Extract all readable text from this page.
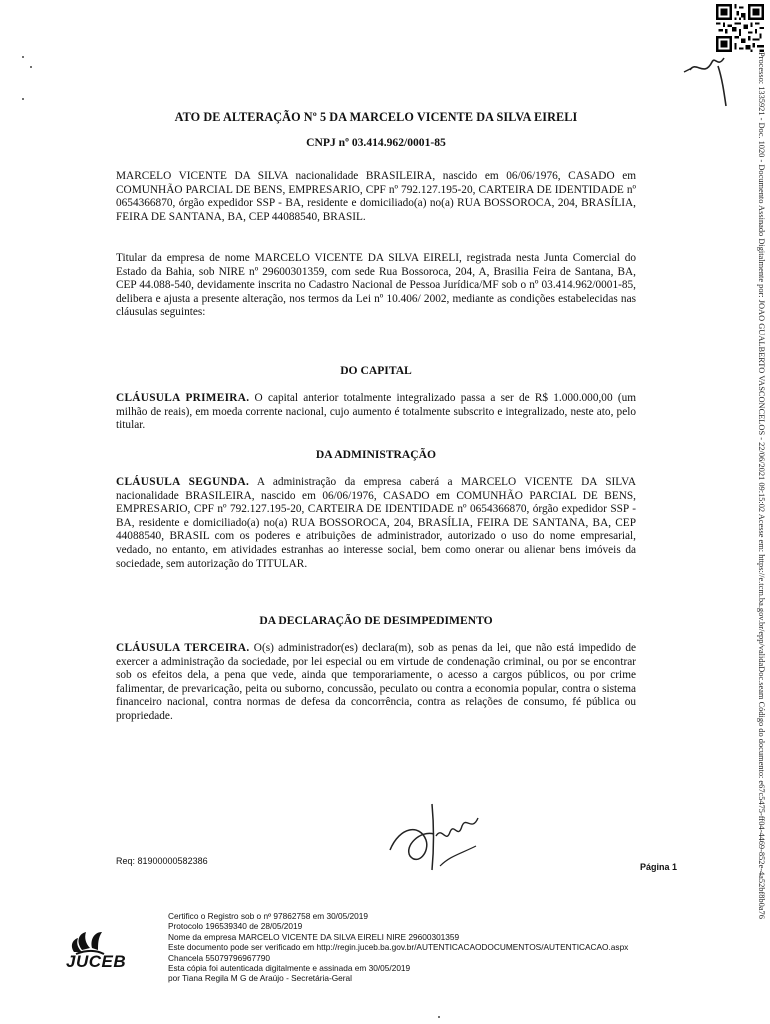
Processo: 1335921 - Doc. 1020 - Documento Assinado Digitalmente por: JOAO GUALBERTO VASCONCELOS - 22/06/2021 09:15:02 Acesse em: https://e.tcm.ba.gov.br/epp/validaDoc.seam Código do documento: e67c5475-ff04-4469-852e-4a52bf8b0a76
ATO DE ALTERAÇÃO Nº 5 DA MARCELO VICENTE DA SILVA EIRELI
CNPJ nº 03.414.962/0001-85
MARCELO VICENTE DA SILVA nacionalidade BRASILEIRA, nascido em 06/06/1976, CASADO em COMUNHÃO PARCIAL DE BENS, EMPRESARIO, CPF nº 792.127.195-20, CARTEIRA DE IDENTIDADE nº 0654366870, órgão expedidor SSP - BA, residente e domiciliado(a) no(a) RUA BOSSOROCA, 204, BRASÍLIA, FEIRA DE SANTANA, BA, CEP 44088540, BRASIL.
Titular da empresa de nome MARCELO VICENTE DA SILVA EIRELI, registrada nesta Junta Comercial do Estado da Bahia, sob NIRE nº 29600301359, com sede Rua Bossoroca, 204, A, Brasilia Feira de Santana, BA, CEP 44.088-540, devidamente inscrita no Cadastro Nacional de Pessoa Jurídica/MF sob o nº 03.414.962/0001-85, delibera e ajusta a presente alteração, nos termos da Lei nº 10.406/ 2002, mediante as condições estabelecidas nas cláusulas seguintes:
DO CAPITAL
CLÁUSULA PRIMEIRA. O capital anterior totalmente integralizado passa a ser de R$ 1.000.000,00 (um milhão de reais), em moeda corrente nacional, cujo aumento é totalmente subscrito e integralizado, neste ato, pelo titular.
DA ADMINISTRAÇÃO
CLÁUSULA SEGUNDA. A administração da empresa caberá a MARCELO VICENTE DA SILVA nacionalidade BRASILEIRA, nascido em 06/06/1976, CASADO em COMUNHÃO PARCIAL DE BENS, EMPRESARIO, CPF nº 792.127.195-20, CARTEIRA DE IDENTIDADE nº 0654366870, órgão expedidor SSP - BA, residente e domiciliado(a) no(a) RUA BOSSOROCA, 204, BRASÍLIA, FEIRA DE SANTANA, BA, CEP 44088540, BRASIL com os poderes e atribuições de administrador, autorizado o uso do nome empresarial, vedado, no entanto, em atividades estranhas ao interesse social, bem como onerar ou alienar bens imóveis da sociedade, sem autorização do TITULAR.
DA DECLARAÇÃO DE DESIMPEDIMENTO
CLÁUSULA TERCEIRA. O(s) administrador(es) declara(m), sob as penas da lei, que não está impedido de exercer a administração da sociedade, por lei especial ou em virtude de condenação criminal, ou por se encontrar sob os efeitos dela, a pena que vede, ainda que temporariamente, o acesso a cargos públicos, ou por crime falimentar, de prevaricação, peita ou suborno, concussão, peculato ou contra a economia popular, contra o sistema financeiro nacional, contra normas de defesa da concorrência, contra as relações de consumo, fé pública ou propriedade.
Req: 81900000582386
Página 1
JUCEB
Certifico o Registro sob o nº 97862758 em 30/05/2019
Protocolo 196539340 de 28/05/2019
Nome da empresa MARCELO VICENTE DA SILVA EIRELI NIRE 29600301359
Este documento pode ser verificado em http://regin.juceb.ba.gov.br/AUTENTICACAODOCUMENTOS/AUTENTICACAO.aspx
Chancela 55079796967790
Esta cópia foi autenticada digitalmente e assinada em 30/05/2019
por Tiana Regila M G de Araújo - Secretária-Geral
